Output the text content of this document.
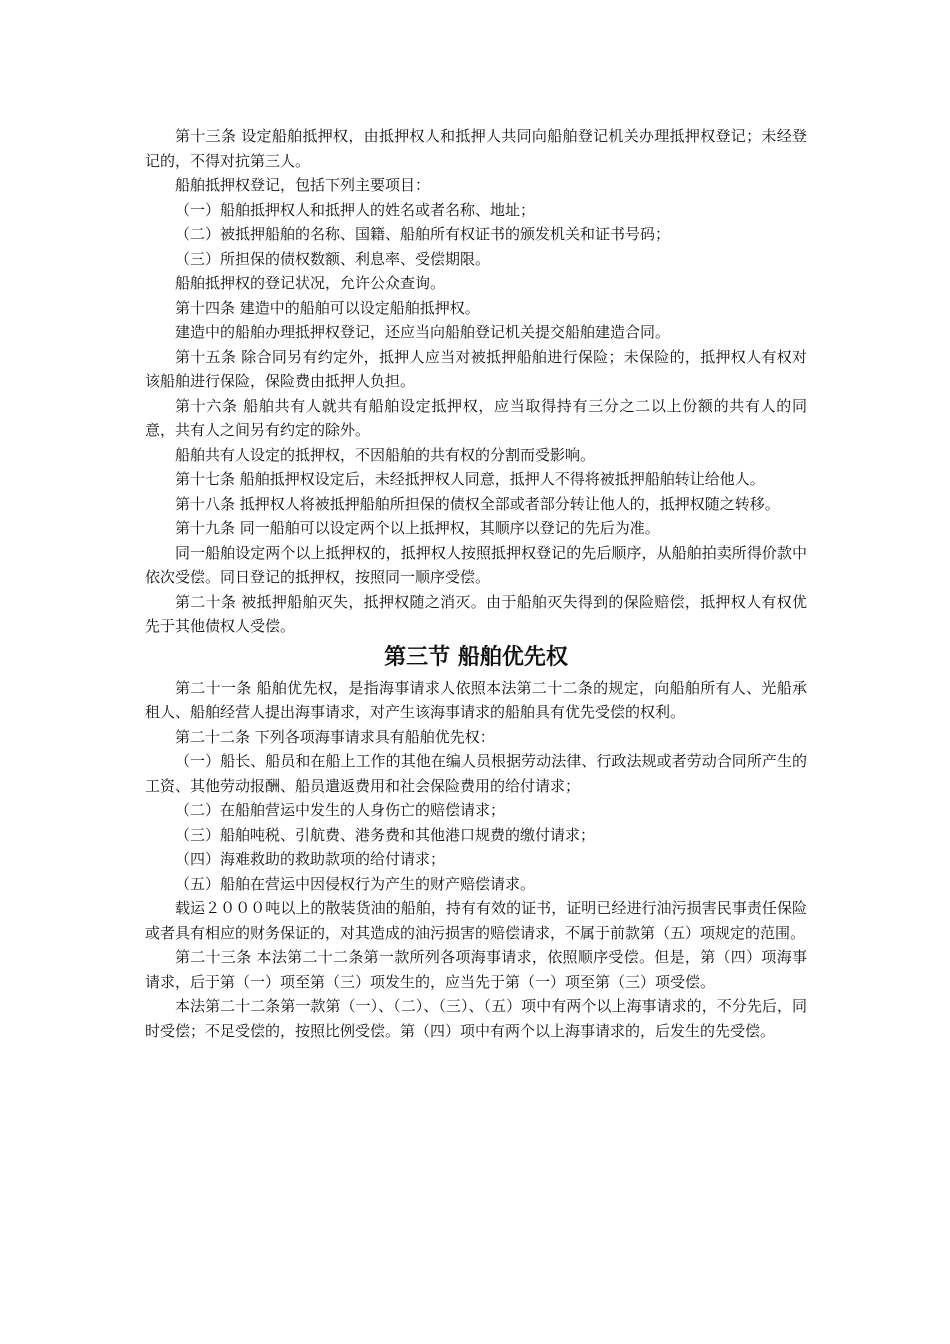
第十三条 设定船舶抵押权，由抵押权人和抵押人共同向船舶登记机关办理抵押权登记；未经登记的，不得对抗第三人。

船舶抵押权登记，包括下列主要项目：

（一）船舶抵押权人和抵押人的姓名或者名称、地址；

（二）被抵押船舶的名称、国籍、船舶所有权证书的颁发机关和证书号码；

（三）所担保的债权数额、利息率、受偿期限。

船舶抵押权的登记状况，允许公众查询。

第十四条 建造中的船舶可以设定船舶抵押权。

建造中的船舶办理抵押权登记，还应当向船舶登记机关提交船舶建造合同。

第十五条 除合同另有约定外，抵押人应当对被抵押船舶进行保险；未保险的，抵押权人有权对该船舶进行保险，保险费由抵押人负担。

第十六条 船舶共有人就共有船舶设定抵押权，应当取得持有三分之二以上份额的共有人的同意，共有人之间另有约定的除外。

船舶共有人设定的抵押权，不因船舶的共有权的分割而受影响。

第十七条 船舶抵押权设定后，未经抵押权人同意，抵押人不得将被抵押船舶转让给他人。

第十八条 抵押权人将被抵押船舶所担保的债权全部或者部分转让他人的，抵押权随之转移。

第十九条 同一船舶可以设定两个以上抵押权，其顺序以登记的先后为准。

同一船舶设定两个以上抵押权的，抵押权人按照抵押权登记的先后顺序，从船舶拍卖所得价款中依次受偿。同日登记的抵押权，按照同一顺序受偿。

第二十条 被抵押船舶灭失，抵押权随之消灭。由于船舶灭失得到的保险赔偿，抵押权人有权优先于其他债权人受偿。

第三节 船舶优先权

第二十一条 船舶优先权，是指海事请求人依照本法第二十二条的规定，向船舶所有人、光船承租人、船舶经营人提出海事请求，对产生该海事请求的船舶具有优先受偿的权利。

第二十二条 下列各项海事请求具有船舶优先权：

（一）船长、船员和在船上工作的其他在编人员根据劳动法律、行政法规或者劳动合同所产生的工资、其他劳动报酬、船员遣返费用和社会保险费用的给付请求；

（二）在船舶营运中发生的人身伤亡的赔偿请求；

（三）船舶吨税、引航费、港务费和其他港口规费的缴付请求；

（四）海难救助的救助款项的给付请求；

（五）船舶在营运中因侵权行为产生的财产赔偿请求。

载运２０００吨以上的散装货油的船舶，持有有效的证书，证明已经进行油污损害民事责任保险或者具有相应的财务保证的，对其造成的油污损害的赔偿请求，不属于前款第（五）项规定的范围。

第二十三条 本法第二十二条第一款所列各项海事请求，依照顺序受偿。但是，第（四）项海事请求，后于第（一）项至第（三）项发生的，应当先于第（一）项至第（三）项受偿。

本法第二十二条第一款第（一）、（二）、（三）、（五）项中有两个以上海事请求的，不分先后，同时受偿；不足受偿的，按照比例受偿。第（四）项中有两个以上海事请求的，后发生的先受偿。
